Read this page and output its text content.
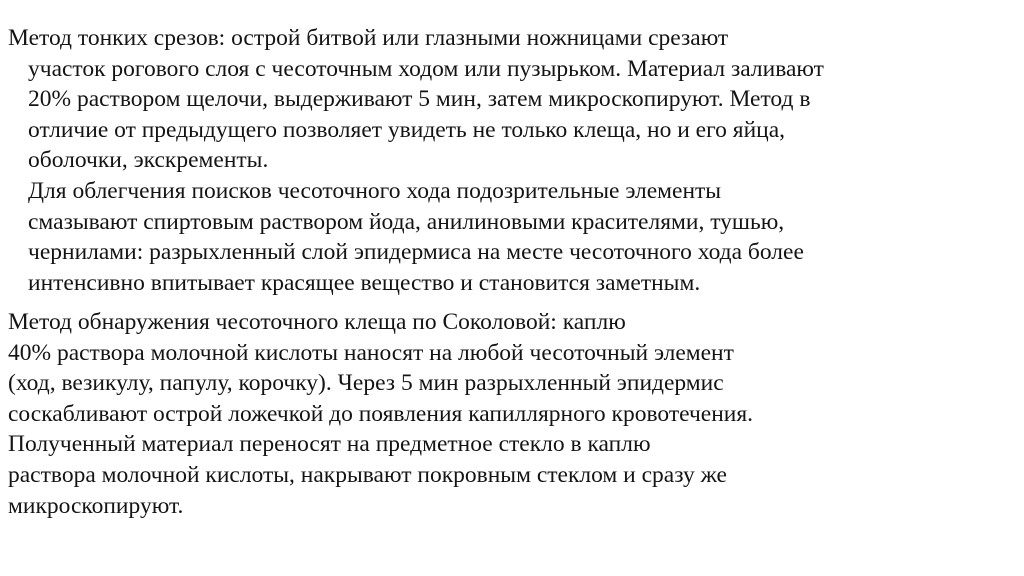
Метод тонких срезов: острой битвой или глазными ножницами срезают
участок рогового слоя с чесоточным ходом или пузырьком. Материал заливают
20% раствором щелочи, выдерживают 5 мин, затем микроскопируют. Метод в
отличие от предыдущего позволяет увидеть не только клеща, но и его яйца,
оболочки, экскременты.
Для облегчения поисков чесоточного хода подозрительные элементы
смазывают спиртовым раствором йода, анилиновыми красителями, тушью,
чернилами: разрыхленный слой эпидермиса на месте чесоточного хода более
интенсивно впитывает красящее вещество и становится заметным.
Метод обнаружения чесоточного клеща по Соколовой: каплю
40% раствора молочной кислоты наносят на любой чесоточный элемент
(ход, везикулу, папулу, корочку). Через 5 мин разрыхленный эпидермис
соскабливают острой ложечкой до появления капиллярного кровотечения.
Полученный материал переносят на предметное стекло в каплю
раствора молочной кислоты, накрывают покровным стеклом и сразу же
микроскопируют.
